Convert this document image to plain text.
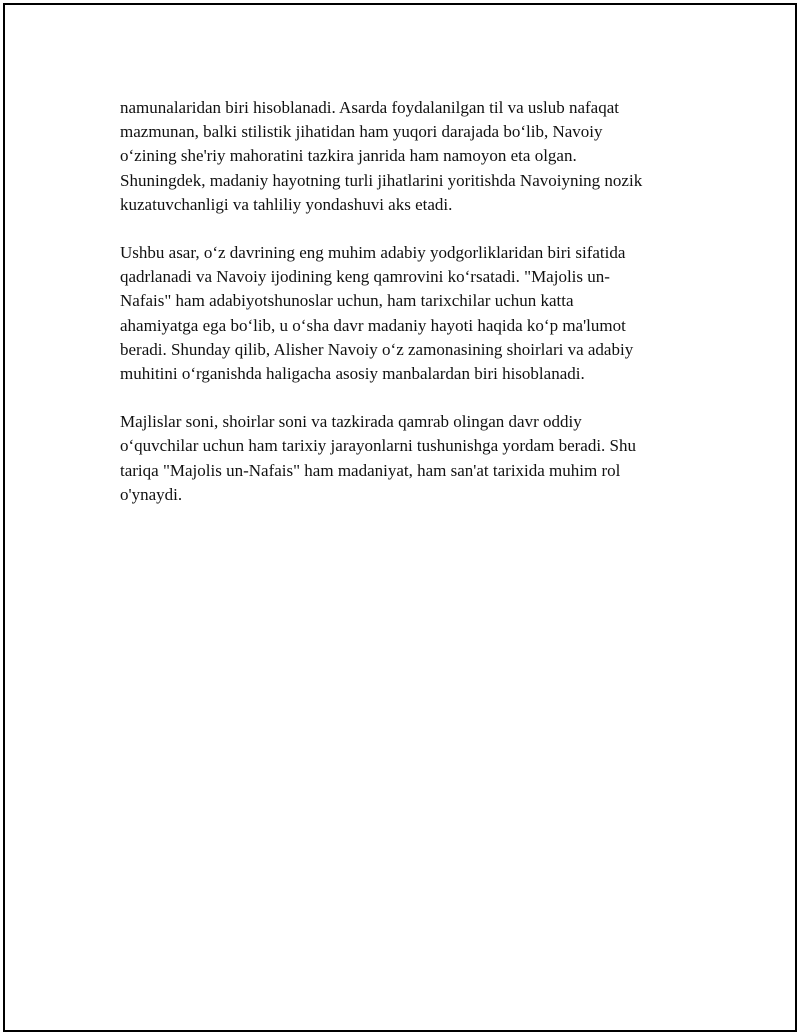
namunalaridan biri hisoblanadi. Asarda foydalanilgan til va uslub nafaqat
mazmunan, balki stilistik jihatidan ham yuqori darajada bo‘lib, Navoiy
o‘zining she'riy mahoratini tazkira janrida ham namoyon eta olgan.
Shuningdek, madaniy hayotning turli jihatlarini yoritishda Navoiyning nozik
kuzatuvchanligi va tahliliy yondashuvi aks etadi.

Ushbu asar, o‘z davrining eng muhim adabiy yodgorliklaridan biri sifatida
qadrlanadi va Navoiy ijodining keng qamrovini ko‘rsatadi. "Majolis un-
Nafais" ham adabiyotshunoslar uchun, ham tarixchilar uchun katta
ahamiyatga ega bo‘lib, u o‘sha davr madaniy hayoti haqida ko‘p ma'lumot
beradi. Shunday qilib, Alisher Navoiy o‘z zamonasining shoirlari va adabiy
muhitini o‘rganishda haligacha asosiy manbalardan biri hisoblanadi.

Majlislar soni, shoirlar soni va tazkirada qamrab olingan davr oddiy
o‘quvchilar uchun ham tarixiy jarayonlarni tushunishga yordam beradi. Shu
tariqa "Majolis un-Nafais" ham madaniyat, ham san'at tarixida muhim rol
o'ynaydi.
